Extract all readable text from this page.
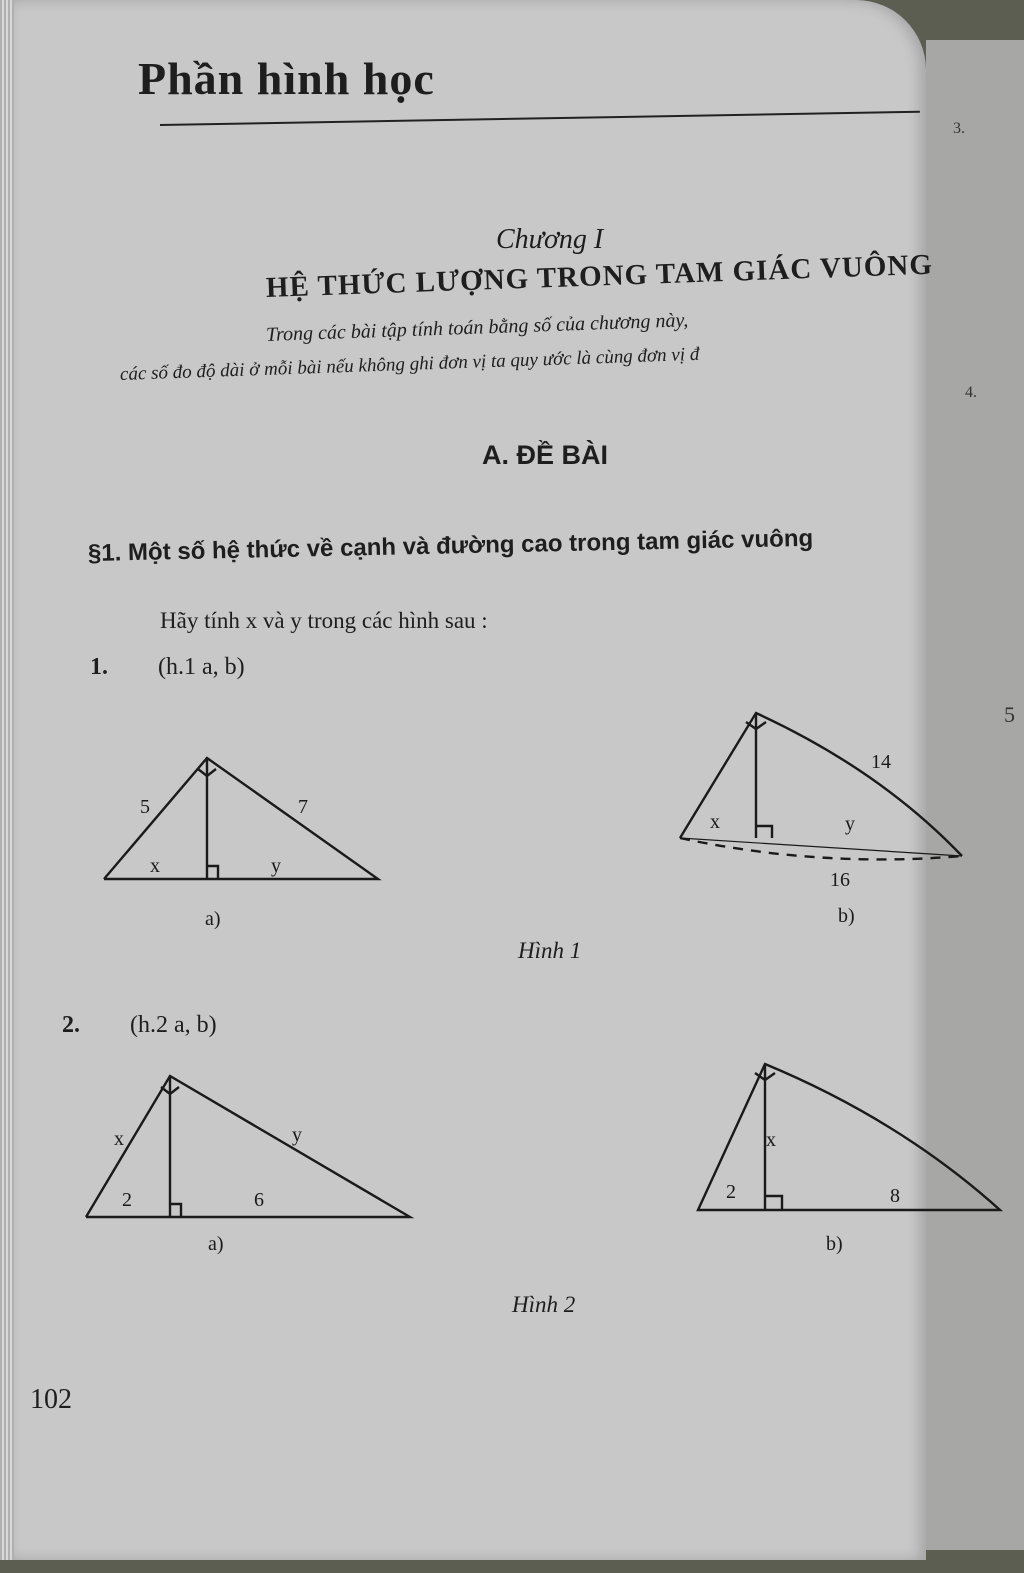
Phần hình học
Chương I
HỆ THỨC LƯỢNG TRONG TAM GIÁC VUÔNG
Trong các bài tập tính toán bằng số của chương này,
các số đo độ dài ở mỗi bài nếu không ghi đơn vị ta quy ước là cùng đơn vị đ
3.
4.
5
A. ĐỀ BÀI
§1. Một số hệ thức về cạnh và đường cao trong tam giác vuông
Hãy tính x và y trong các hình sau :
1. (h.1 a, b)
5	7
x	y
a)
14
x	y
16
b)
Hình 1
2. (h.2 a, b)
x	y
2	6
a)
x
2	8
b)
Hình 2
102
